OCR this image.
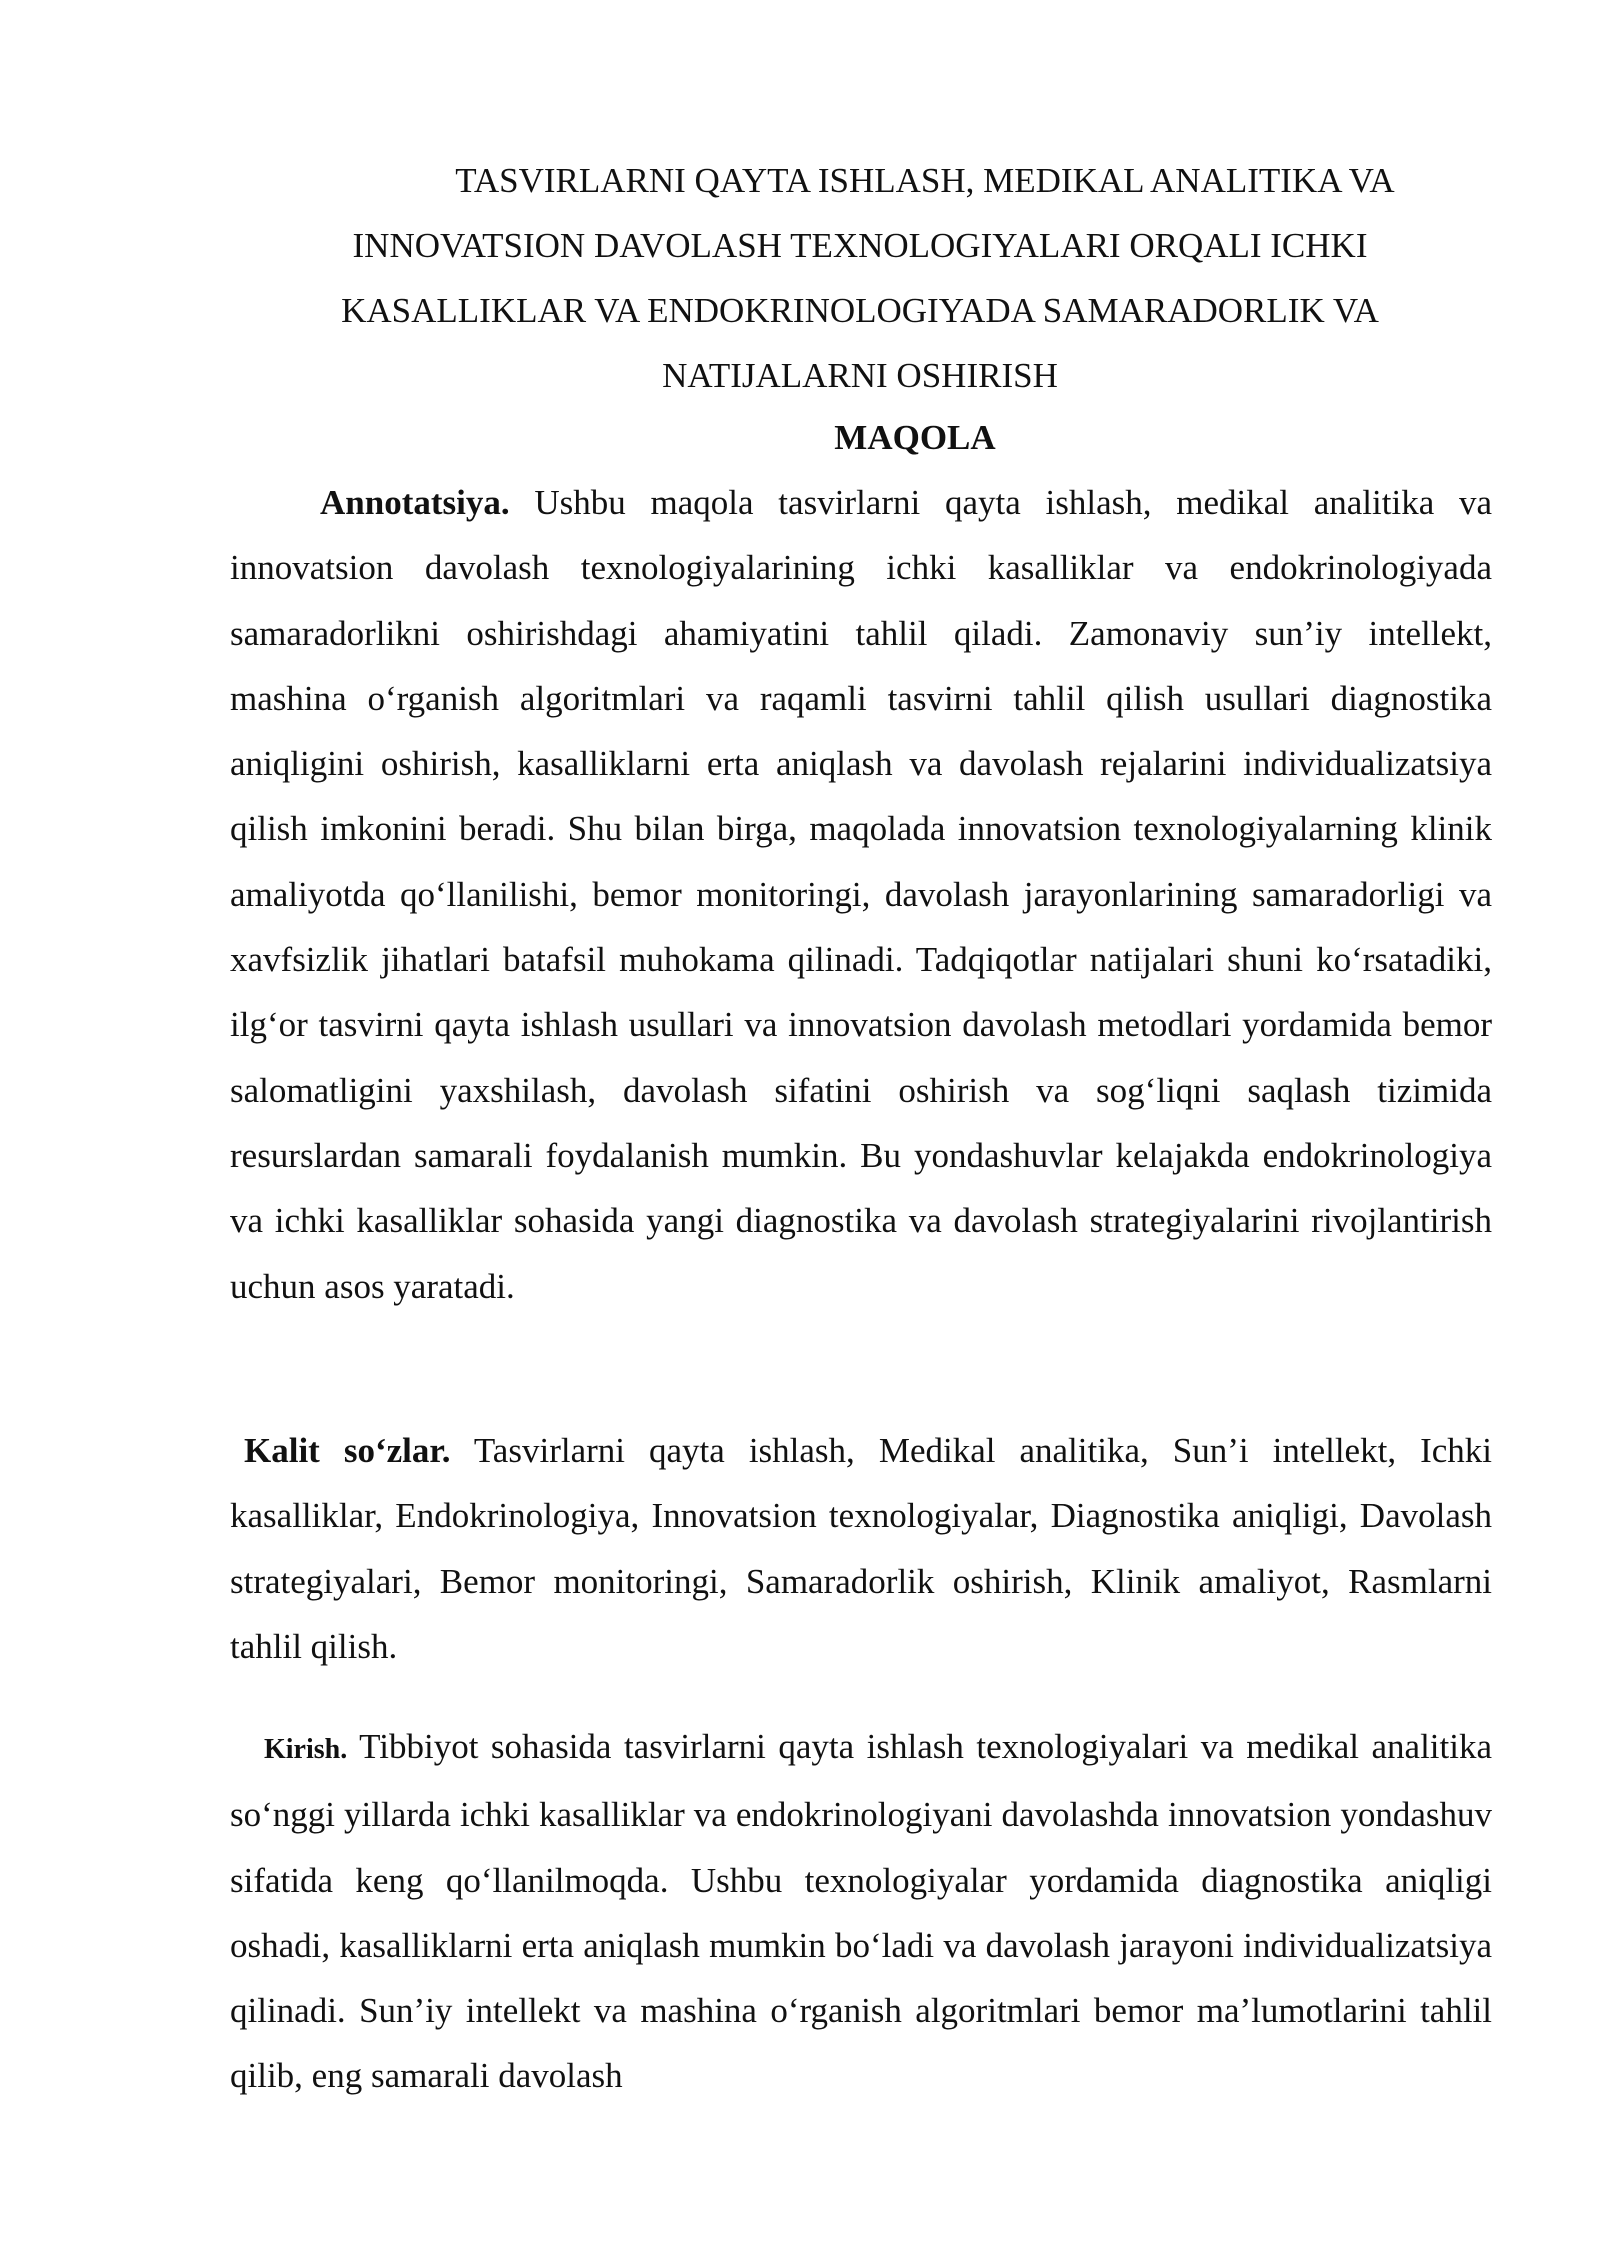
TASVIRLARNI QAYTA ISHLASH, MEDIKAL ANALITIKA VA
INNOVATSION DAVOLASH TEXNOLOGIYALARI ORQALI ICHKI
KASALLIKLAR VA ENDOKRINOLOGIYADA SAMARADORLIK VA
NATIJALARNI OSHIRISH
MAQOLA

Annotatsiya. Ushbu maqola tasvirlarni qayta ishlash, medikal analitika va innovatsion davolash texnologiyalarining ichki kasalliklar va endokrinologiyada samaradorlikni oshirishdagi ahamiyatini tahlil qiladi. Zamonaviy sun’iy intellekt, mashina o‘rganish algoritmlari va raqamli tasvirni tahlil qilish usullari diagnostika aniqligini oshirish, kasalliklarni erta aniqlash va davolash rejalarini individualizatsiya qilish imkonini beradi. Shu bilan birga, maqolada innovatsion texnologiyalarning klinik amaliyotda qo‘llanilishi, bemor monitoringi, davolash jarayonlarining samaradorligi va xavfsizlik jihatlari batafsil muhokama qilinadi. Tadqiqotlar natijalari shuni ko‘rsatadiki, ilg‘or tasvirni qayta ishlash usullari va innovatsion davolash metodlari yordamida bemor salomatligini yaxshilash, davolash sifatini oshirish va sog‘liqni saqlash tizimida resurslardan samarali foydalanish mumkin. Bu yondashuvlar kelajakda endokrinologiya va ichki kasalliklar sohasida yangi diagnostika va davolash strategiyalarini rivojlantirish uchun asos yaratadi.

Kalit so‘zlar. Tasvirlarni qayta ishlash, Medikal analitika, Sun’i intellekt, Ichki kasalliklar, Endokrinologiya, Innovatsion texnologiyalar, Diagnostika aniqligi, Davolash strategiyalari, Bemor monitoringi, Samaradorlik oshirish, Klinik amaliyot, Rasmlarni tahlil qilish.

Kirish. Tibbiyot sohasida tasvirlarni qayta ishlash texnologiyalari va medikal analitika so‘nggi yillarda ichki kasalliklar va endokrinologiyani davolashda innovatsion yondashuv sifatida keng qo‘llanilmoqda. Ushbu texnologiyalar yordamida diagnostika aniqligi oshadi, kasalliklarni erta aniqlash mumkin bo‘ladi va davolash jarayoni individualizatsiya qilinadi. Sun’iy intellekt va mashina o‘rganish algoritmlari bemor ma’lumotlarini tahlil qilib, eng samarali davolash
